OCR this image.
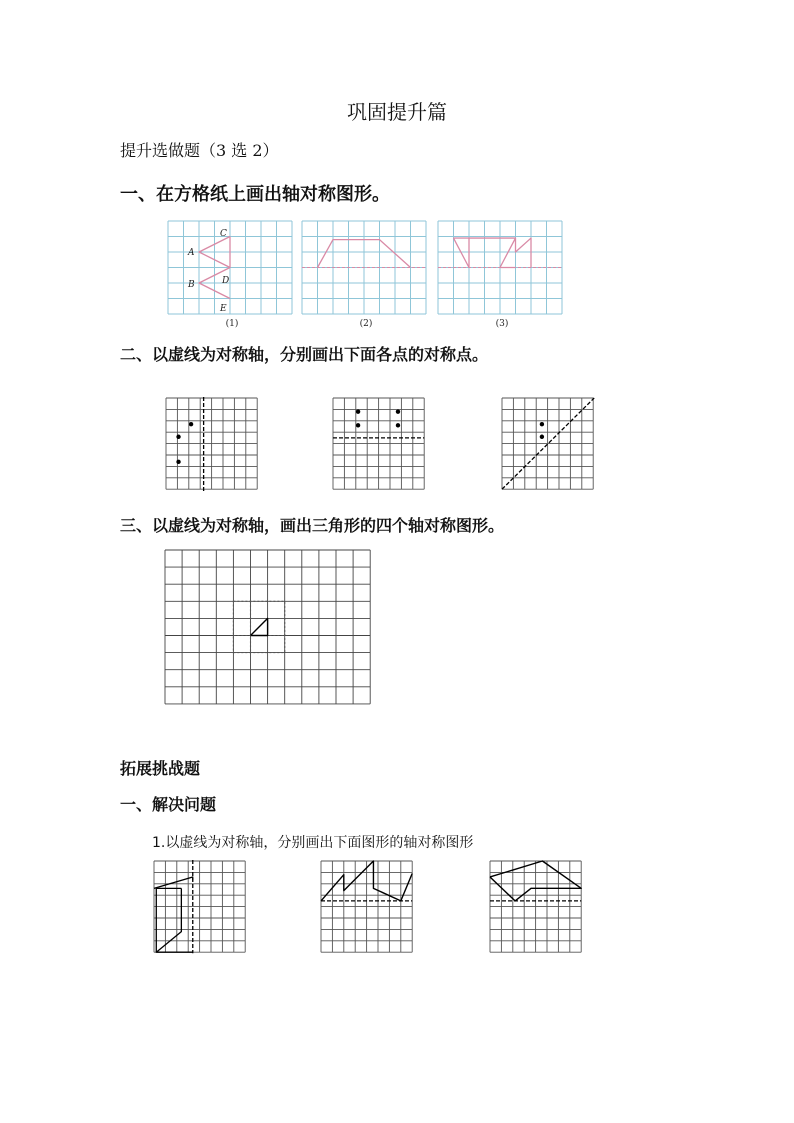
巩固提升篇
提升选做题（3 选 2）
一、在方格纸上画出轴对称图形。
A
B
C
D
E
(1)	(2)	(3)
二、以虚线为对称轴，分别画出下面各点的对称点。
三、以虚线为对称轴，画出三角形的四个轴对称图形。
拓展挑战题
一、解决问题
1.以虚线为对称轴，分别画出下面图形的轴对称图形
